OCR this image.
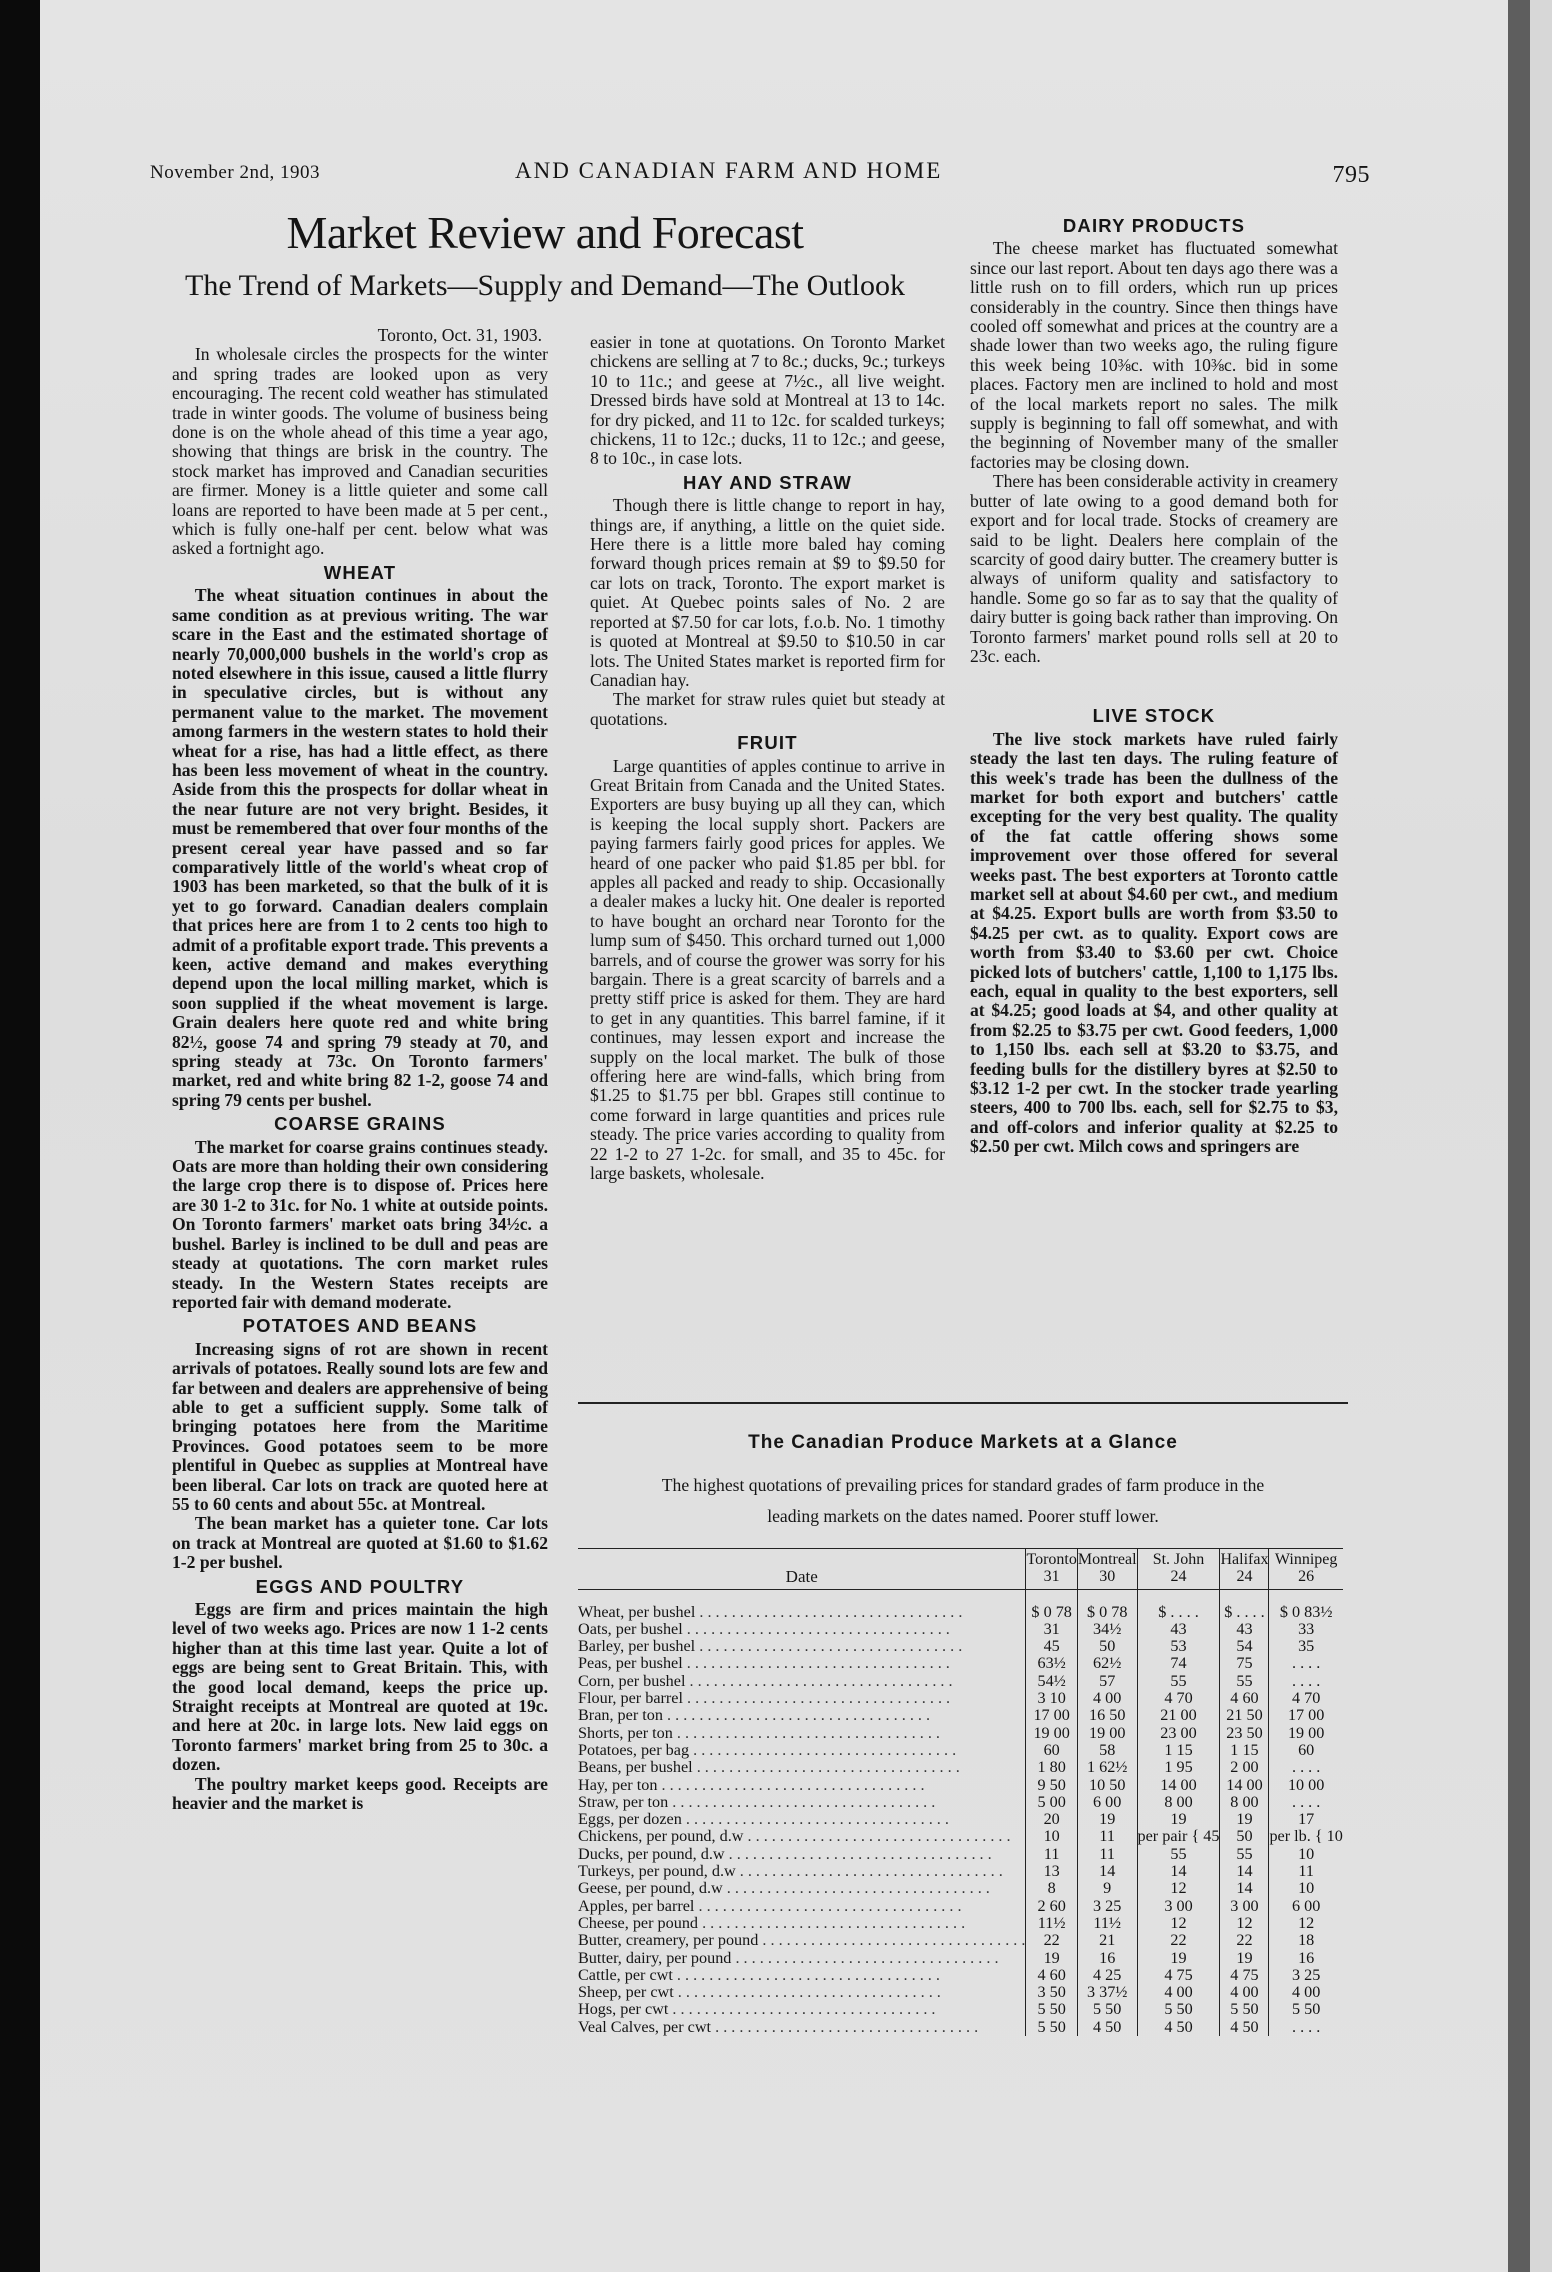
November 2nd, 1903	AND CANADIAN FARM AND HOME	795
Market Review and Forecast
The Trend of Markets—Supply and Demand—The Outlook

Toronto, Oct. 31, 1903.

In wholesale circles the prospects for the winter and spring trades are looked upon as very encouraging. The recent cold weather has stimulated trade in winter goods. The volume of business being done is on the whole ahead of this time a year ago, showing that things are brisk in the country. The stock market has improved and Canadian securities are firmer. Money is a little quieter and some call loans are reported to have been made at 5 per cent., which is fully one-half per cent. below what was asked a fortnight ago.

WHEAT

The wheat situation continues in about the same condition as at previous writing. The war scare in the East and the estimated shortage of nearly 70,000,000 bushels in the world's crop as noted elsewhere in this issue, caused a little flurry in speculative circles, but is without any permanent value to the market. The movement among farmers in the western states to hold their wheat for a rise, has had a little effect, as there has been less movement of wheat in the country. Aside from this the prospects for dollar wheat in the near future are not very bright. Besides, it must be remembered that over four months of the present cereal year have passed and so far comparatively little of the world's wheat crop of 1903 has been marketed, so that the bulk of it is yet to go forward. Canadian dealers complain that prices here are from 1 to 2 cents too high to admit of a profitable export trade. This prevents a keen, active demand and makes everything depend upon the local milling market, which is soon supplied if the wheat movement is large. Grain dealers here quote red and white bring 82½, goose 74 and spring 79 steady at 70, and spring steady at 73c. On Toronto farmers' market, red and white bring 82 1-2, goose 74 and spring 79 cents per bushel.

COARSE GRAINS

The market for coarse grains continues steady. Oats are more than holding their own considering the large crop there is to dispose of. Prices here are 30 1-2 to 31c. for No. 1 white at outside points. On Toronto farmers' market oats bring 34½c. a bushel. Barley is inclined to be dull and peas are steady at quotations. The corn market rules steady. In the Western States receipts are reported fair with demand moderate.

POTATOES AND BEANS

Increasing signs of rot are shown in recent arrivals of potatoes. Really sound lots are few and far between and dealers are apprehensive of being able to get a sufficient supply. Some talk of bringing potatoes here from the Maritime Provinces. Good potatoes seem to be more plentiful in Quebec as supplies at Montreal have been liberal. Car lots on track are quoted here at 55 to 60 cents and about 55c. at Montreal.

The bean market has a quieter tone. Car lots on track at Montreal are quoted at $1.60 to $1.62 1-2 per bushel.

EGGS AND POULTRY

Eggs are firm and prices maintain the high level of two weeks ago. Prices are now 1 1-2 cents higher than at this time last year. Quite a lot of eggs are being sent to Great Britain. This, with the good local demand, keeps the price up. Straight receipts at Montreal are quoted at 19c. and here at 20c. in large lots. New laid eggs on Toronto farmers' market bring from 25 to 30c. a dozen.

The poultry market keeps good. Receipts are heavier and the market is

easier in tone at quotations. On Toronto Market chickens are selling at 7 to 8c.; ducks, 9c.; turkeys 10 to 11c.; and geese at 7½c., all live weight. Dressed birds have sold at Montreal at 13 to 14c. for dry picked, and 11 to 12c. for scalded turkeys; chickens, 11 to 12c.; ducks, 11 to 12c.; and geese, 8 to 10c., in case lots.

HAY AND STRAW

Though there is little change to report in hay, things are, if anything, a little on the quiet side. Here there is a little more baled hay coming forward though prices remain at $9 to $9.50 for car lots on track, Toronto. The export market is quiet. At Quebec points sales of No. 2 are reported at $7.50 for car lots, f.o.b. No. 1 timothy is quoted at Montreal at $9.50 to $10.50 in car lots. The United States market is reported firm for Canadian hay.

The market for straw rules quiet but steady at quotations.

FRUIT

Large quantities of apples continue to arrive in Great Britain from Canada and the United States. Exporters are busy buying up all they can, which is keeping the local supply short. Packers are paying farmers fairly good prices for apples. We heard of one packer who paid $1.85 per bbl. for apples all packed and ready to ship. Occasionally a dealer makes a lucky hit. One dealer is reported to have bought an orchard near Toronto for the lump sum of $450. This orchard turned out 1,000 barrels, and of course the grower was sorry for his bargain. There is a great scarcity of barrels and a pretty stiff price is asked for them. They are hard to get in any quantities. This barrel famine, if it continues, may lessen export and increase the supply on the local market. The bulk of those offering here are wind-falls, which bring from $1.25 to $1.75 per bbl. Grapes still continue to come forward in large quantities and prices rule steady. The price varies according to quality from 22 1-2 to 27 1-2c. for small, and 35 to 45c. for large baskets, wholesale.

DAIRY PRODUCTS

The cheese market has fluctuated somewhat since our last report. About ten days ago there was a little rush on to fill orders, which run up prices considerably in the country. Since then things have cooled off somewhat and prices at the country are a shade lower than two weeks ago, the ruling figure this week being 10⅜c. with 10⅜c. bid in some places. Factory men are inclined to hold and most of the local markets report no sales. The milk supply is beginning to fall off somewhat, and with the beginning of November many of the smaller factories may be closing down.

There has been considerable activity in creamery butter of late owing to a good demand both for export and for local trade. Stocks of creamery are said to be light. Dealers here complain of the scarcity of good dairy butter. The creamery butter is always of uniform quality and satisfactory to handle. Some go so far as to say that the quality of dairy butter is going back rather than improving. On Toronto farmers' market pound rolls sell at 20 to 23c. each.

LIVE STOCK

The live stock markets have ruled fairly steady the last ten days. The ruling feature of this week's trade has been the dullness of the market for both export and butchers' cattle excepting for the very best quality. The quality of the fat cattle offering shows some improvement over those offered for several weeks past. The best exporters at Toronto cattle market sell at about $4.60 per cwt., and medium at $4.25. Export bulls are worth from $3.50 to $4.25 per cwt. as to quality. Export cows are worth from $3.40 to $3.60 per cwt. Choice picked lots of butchers' cattle, 1,100 to 1,175 lbs. each, equal in quality to the best exporters, sell at $4.25; good loads at $4, and other quality at from $2.25 to $3.75 per cwt. Good feeders, 1,000 to 1,150 lbs. each sell at $3.20 to $3.75, and feeding bulls for the distillery byres at $2.50 to $3.12 1-2 per cwt. In the stocker trade yearling steers, 400 to 700 lbs. each, sell for $2.75 to $3, and off-colors and inferior quality at $2.25 to $2.50 per cwt. Milch cows and springers are

The Canadian Produce Markets at a Glance
The highest quotations of prevailing prices for standard grades of farm produce in the
leading markets on the dates named. Poorer stuff lower.
	Toronto	Montreal	St. John	Halifax	Winnipeg
Date	31	30	24	24	26
Wheat, per bushel . . .	$ 0 78	$ 0 78	$ . . . .	$ . . . .	$ 0 83½
Oats, per bushel . . .	31	34½	43	43	33
Barley, per bushel . . .	45	50	53	54	35
Peas, per bushel . . .	63½	62½	74	75	. . . .
Corn, per bushel . . .	54½	57	55	55	. . . .
Flour, per barrel . . .	3 10	4 00	4 70	4 60	4 70
Bran, per ton . . .	17 00	16 50	21 00	21 50	17 00
Shorts, per ton . . .	19 00	19 00	23 00	23 50	19 00
Potatoes, per bag . . .	60	58	1 15	1 15	60
Beans, per bushel . . .	1 80	1 62½	1 95	2 00	. . . .
Hay, per ton . . .	9 50	10 50	14 00	14 00	10 00
Straw, per ton . . .	5 00	6 00	8 00	8 00	. . . .
Eggs, per dozen . . .	20	19	19	19	17
Chickens, per pound, d.w . . .	10	11	per pair { 45	50	per lb. { 10
Ducks, per pound, d.w . . .	11	11	55	55	10
Turkeys, per pound, d.w . . .	13	14	14	14	11
Geese, per pound, d.w . . .	8	9	12	14	10
Apples, per barrel . . .	2 60	3 25	3 00	3 00	6 00
Cheese, per pound . . .	11½	11½	12	12	12
Butter, creamery, per pound . . .	22	21	22	22	18
Butter, dairy, per pound . . .	19	16	19	19	16
Cattle, per cwt . . .	4 60	4 25	4 75	4 75	3 25
Sheep, per cwt . . .	3 50	3 37½	4 00	4 00	4 00
Hogs, per cwt . . .	5 50	5 50	5 50	5 50	5 50
Veal Calves, per cwt . . .	5 50	4 50	4 50	4 50	. . . .
